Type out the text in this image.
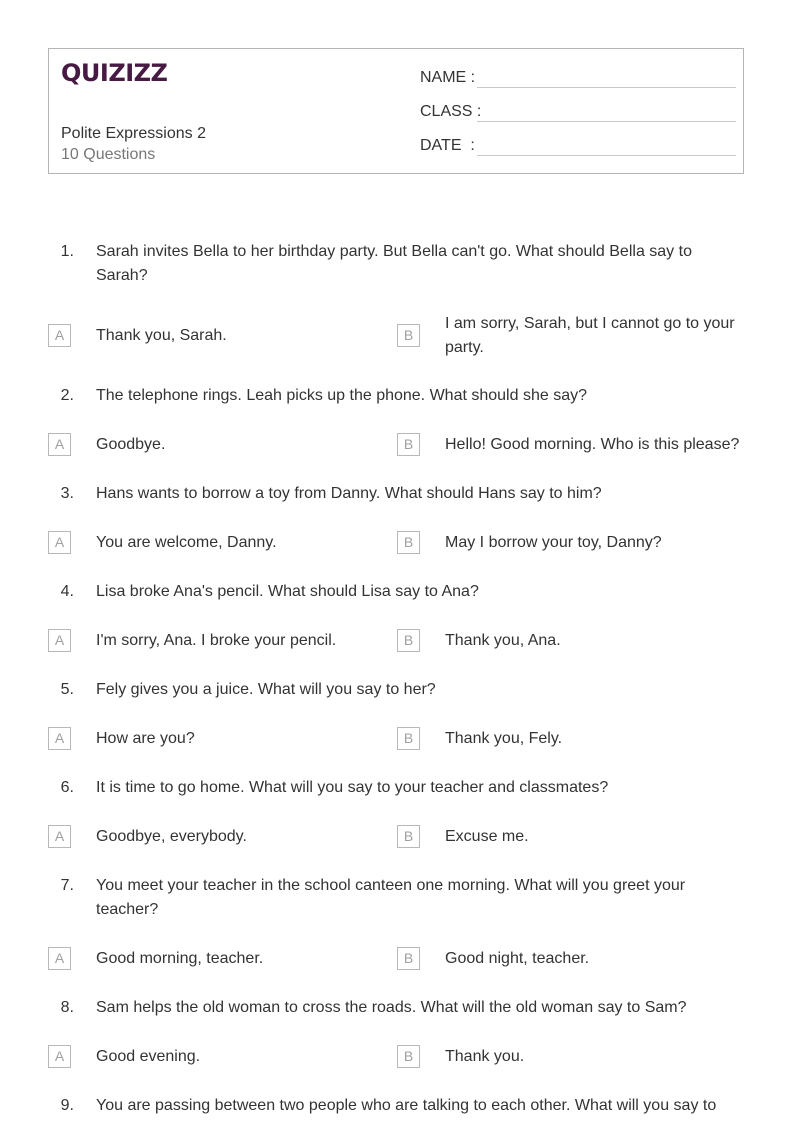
QUIZIZZ
Polite Expressions 2
10 Questions
NAME :
CLASS :
DATE  :
1. Sarah invites Bella to her birthday party. But Bella can't go. What should Bella say to Sarah?
A	Thank you, Sarah.	B
I am sorry, Sarah, but I cannot go to your party.
2. The telephone rings. Leah picks up the phone. What should she say?
A	Goodbye.	B	Hello! Good morning. Who is this please?
3. Hans wants to borrow a toy from Danny. What should Hans say to him?
A	You are welcome, Danny.	B	May I borrow your toy, Danny?
4. Lisa broke Ana's pencil. What should Lisa say to Ana?
A	I'm sorry, Ana. I broke your pencil.	B	Thank you, Ana.
5. Fely gives you a juice. What will you say to her?
A	How are you?	B	Thank you, Fely.
6. It is time to go home. What will you say to your teacher and classmates?
A	Goodbye, everybody.	B	Excuse me.
7. You meet your teacher in the school canteen one morning. What will you greet your teacher?
A	Good morning, teacher.	B	Good night, teacher.
8. Sam helps the old woman to cross the roads. What will the old woman say to Sam?
A	Good evening.	B	Thank you.
9. You are passing between two people who are talking to each other. What will you say to
